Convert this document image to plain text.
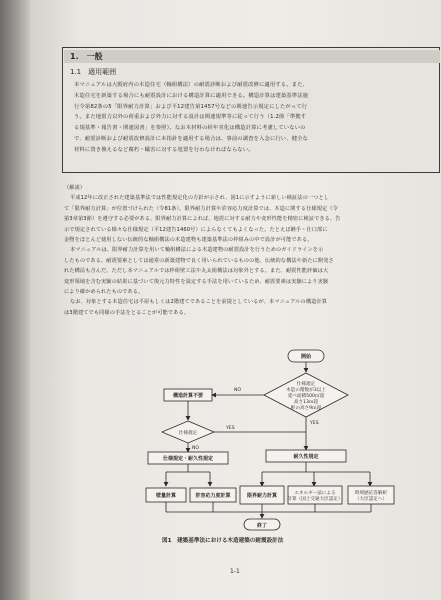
1.　一般
1.1　適用範囲

本マニュアルは大阪府内の木造住宅（軸組構法）の耐震診断および耐震改修に適用する。また、

木造住宅を新築する場合にも耐震設計における構造計算に適用できる。構造計算は建築基準法施

行令第82条の5「限界耐力計算」および平12建告第1457号などの関連告示規定にしたがって行

う。また地震力以外の荷重および外力に対する設計は関連規準等に従って行う（1.2節「準拠す

る規基準・報告書・関連図書」を参照）。なお木材料の経年劣化は構造計算に考慮していないの

で、耐震診断および耐震改修設計に本指針を適用する場合は、事前の調査を入念に行い、健全な

材料に置き換えるなど腐朽・蟻害に対する処置を行わなければならない。

（解説）

平成12年に改正された建築基準法では性能規定化の方針が示され、図1に示すように新しい検証法の一つとし

て「限界耐力計算」が位置づけられた（令81条）。限界耐力計算や許容応力度計算では、木造に関する仕様規定（令

第3章第3節）を遵守する必要がある。限界耐力計算によれば、地震に対する耐力や変形性能を精密に検証できる。告

示で規定されている様々な仕様規定（平12建告1460号）によらなくてもよくなった。たとえば継手・仕口部に

金物をほとんど使用しない伝統的な軸組構法の木造建物も建築基準法の枠組みの中で設計が可能である。

本マニュアルは、限界耐力計算を用いて軸組構法による木造建物の耐震設計を行うためのガイドラインを示

したものである。耐震要素としては通常の新築建物で良く用いられているものの他、伝統的な構法や新たに開発さ

れた構法も含んだ。ただし本マニュアルでは枠組壁工法や丸太組構法は対象外とする。また、耐震性能評価は大

変形領域を含む実験の結果に基づいて復元力特性を設定する手法を用いているため、耐震要素は実験により実験

により確かめられたものである。

なお、対象とする木造住宅は平屋もしくは2階建てであることを前提としているが、本マニュアルの構造計算

は3階建てでも同様の手法をとることが可能である。

開始
仕様規定
木造の階数が3以上
延べ面積500㎡超
高さ13ｍ超
軒の高さ9ｍ超
NO
構造計算不要
YES
仕様規定
YES
NO
仕様規定・耐久性規定	耐久性規定
壁量計算	許容応力度計算	限界耐力計算	エネルギー法による
計算（国土交通大臣認定）
時刻歴応答解析
（大臣認定へ）
終了
図1　建築基準法における木造建築の耐震設計法
1-1
